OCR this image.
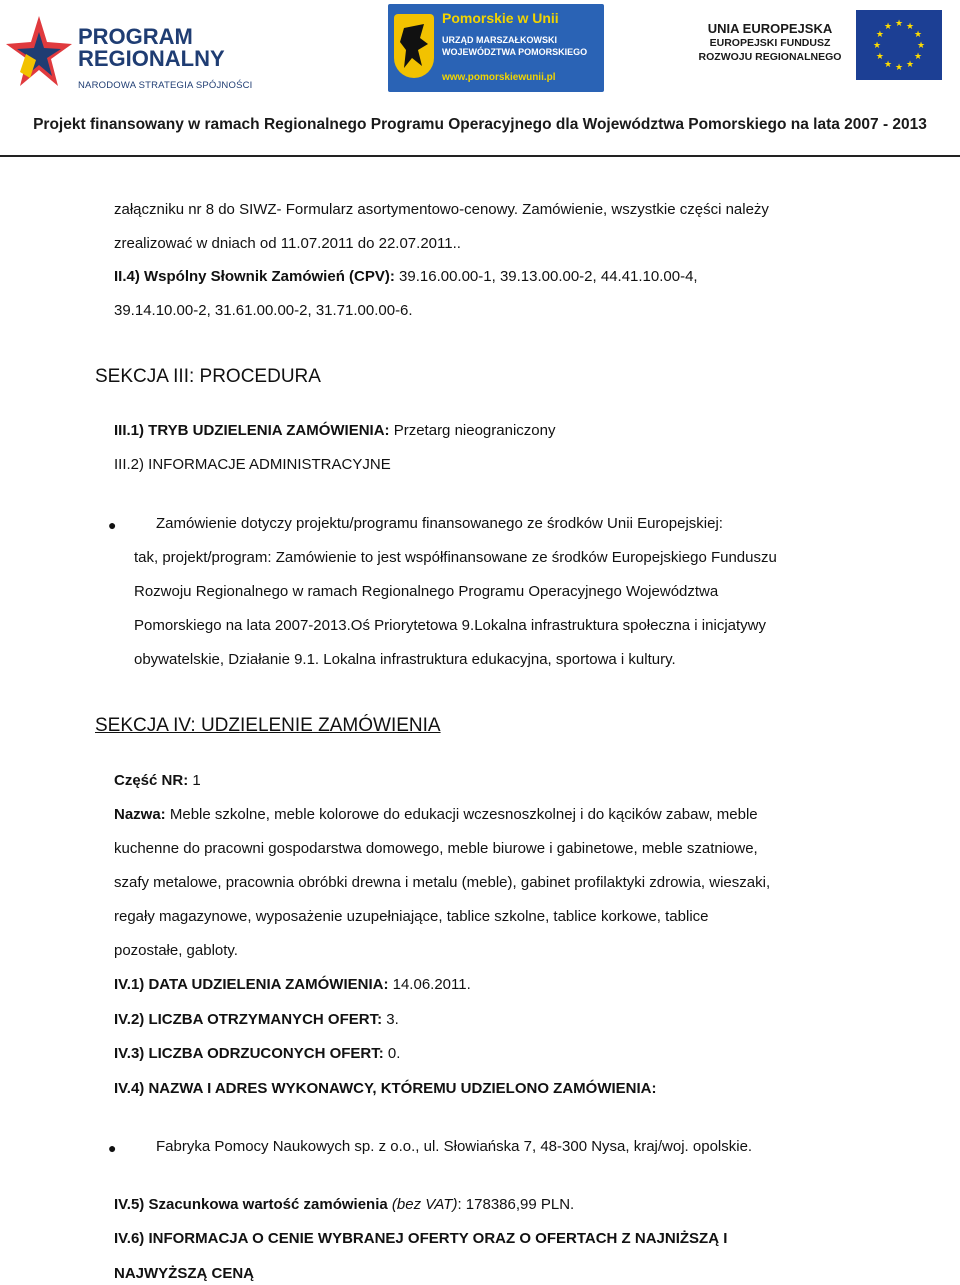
PROGRAM
REGIONALNY
NARODOWA STRATEGIA SPÓJNOŚCI
Pomorskie w Unii
URZĄD MARSZAŁKOWSKI
WOJEWÓDZTWA POMORSKIEGO
www.pomorskiewunii.pl
UNIA EUROPEJSKA
EUROPEJSKI FUNDUSZ
ROZWOJU REGIONALNEGO
★
★
★
★
★
★
★
★
★ ★ ★
★
Projekt finansowany w ramach Regionalnego Programu Operacyjnego dla Województwa Pomorskiego na lata 2007 - 2013
załączniku nr 8 do SIWZ- Formularz asortymentowo-cenowy. Zamówienie, wszystkie części należy
zrealizować w dniach od 11.07.2011 do 22.07.2011..
II.4) Wspólny Słownik Zamówień (CPV): 39.16.00.00-1, 39.13.00.00-2, 44.41.10.00-4,
39.14.10.00-2, 31.61.00.00-2, 31.71.00.00-6.
SEKCJA III: PROCEDURA
III.1) TRYB UDZIELENIA ZAMÓWIENIA: Przetarg nieograniczony
III.2) INFORMACJE ADMINISTRACYJNE
●	Zamówienie dotyczy projektu/programu finansowanego ze środków Unii Europejskiej:
tak, projekt/program: Zamówienie to jest współfinansowane ze środków Europejskiego Funduszu
Rozwoju Regionalnego w ramach Regionalnego Programu Operacyjnego Województwa
Pomorskiego na lata 2007-2013.Oś Priorytetowa 9.Lokalna infrastruktura społeczna i inicjatywy
obywatelskie, Działanie 9.1. Lokalna infrastruktura edukacyjna, sportowa i kultury.
SEKCJA IV: UDZIELENIE ZAMÓWIENIA
Część NR: 1
Nazwa: Meble szkolne, meble kolorowe do edukacji wczesnoszkolnej i do kącików zabaw, meble
kuchenne do pracowni gospodarstwa domowego, meble biurowe i gabinetowe, meble szatniowe,
szafy metalowe, pracownia obróbki drewna i metalu (meble), gabinet profilaktyki zdrowia, wieszaki,
regały magazynowe, wyposażenie uzupełniające, tablice szkolne, tablice korkowe, tablice
pozostałe, gabloty.
IV.1) DATA UDZIELENIA ZAMÓWIENIA: 14.06.2011.
IV.2) LICZBA OTRZYMANYCH OFERT: 3.
IV.3) LICZBA ODRZUCONYCH OFERT: 0.
IV.4) NAZWA I ADRES WYKONAWCY, KTÓREMU UDZIELONO ZAMÓWIENIA:
●	Fabryka Pomocy Naukowych sp. z o.o., ul. Słowiańska 7, 48-300 Nysa, kraj/woj. opolskie.
IV.5) Szacunkowa wartość zamówienia (bez VAT): 178386,99 PLN.
IV.6) INFORMACJA O CENIE WYBRANEJ OFERTY ORAZ O OFERTACH Z NAJNIŻSZĄ I
NAJWYŻSZĄ CENĄ
